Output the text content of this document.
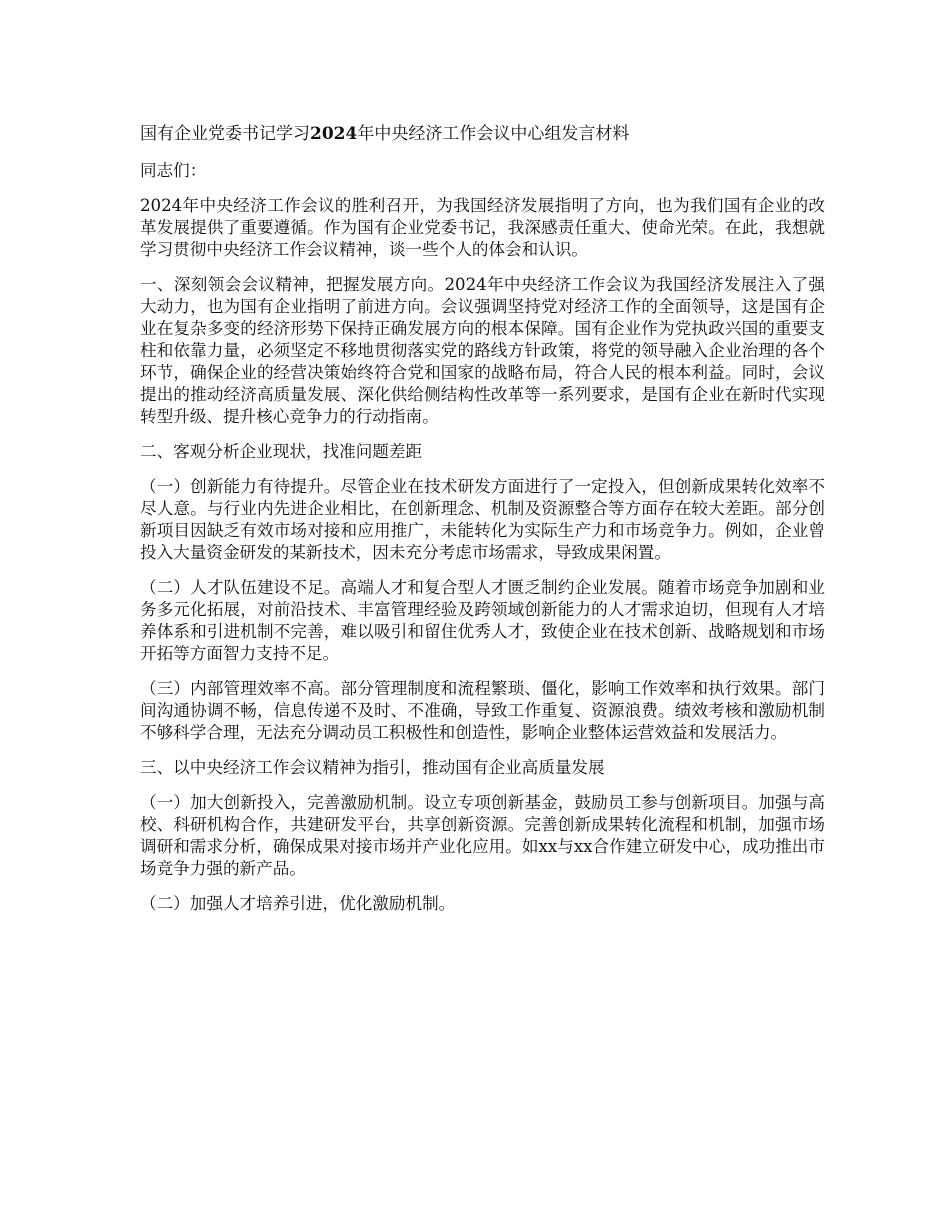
国有企业党委书记学习2024年中央经济工作会议中心组发言材料

同志们：

2024年中央经济工作会议的胜利召开，为我国经济发展指明了方向，也为我们国有企业的改革发展提供了重要遵循。作为国有企业党委书记，我深感责任重大、使命光荣。在此，我想就学习贯彻中央经济工作会议精神，谈一些个人的体会和认识。

一、深刻领会会议精神，把握发展方向。2024年中央经济工作会议为我国经济发展注入了强大动力，也为国有企业指明了前进方向。会议强调坚持党对经济工作的全面领导，这是国有企业在复杂多变的经济形势下保持正确发展方向的根本保障。国有企业作为党执政兴国的重要支柱和依靠力量，必须坚定不移地贯彻落实党的路线方针政策，将党的领导融入企业治理的各个环节，确保企业的经营决策始终符合党和国家的战略布局，符合人民的根本利益。同时，会议提出的推动经济高质量发展、深化供给侧结构性改革等一系列要求，是国有企业在新时代实现转型升级、提升核心竞争力的行动指南。

二、客观分析企业现状，找准问题差距

（一）创新能力有待提升。尽管企业在技术研发方面进行了一定投入，但创新成果转化效率不尽人意。与行业内先进企业相比，在创新理念、机制及资源整合等方面存在较大差距。部分创新项目因缺乏有效市场对接和应用推广，未能转化为实际生产力和市场竞争力。例如，企业曾投入大量资金研发的某新技术，因未充分考虑市场需求，导致成果闲置。

（二）人才队伍建设不足。高端人才和复合型人才匮乏制约企业发展。随着市场竞争加剧和业务多元化拓展，对前沿技术、丰富管理经验及跨领域创新能力的人才需求迫切，但现有人才培养体系和引进机制不完善，难以吸引和留住优秀人才，致使企业在技术创新、战略规划和市场开拓等方面智力支持不足。

（三）内部管理效率不高。部分管理制度和流程繁琐、僵化，影响工作效率和执行效果。部门间沟通协调不畅，信息传递不及时、不准确，导致工作重复、资源浪费。绩效考核和激励机制不够科学合理，无法充分调动员工积极性和创造性，影响企业整体运营效益和发展活力。

三、以中央经济工作会议精神为指引，推动国有企业高质量发展

（一）加大创新投入，完善激励机制。设立专项创新基金，鼓励员工参与创新项目。加强与高校、科研机构合作，共建研发平台，共享创新资源。完善创新成果转化流程和机制，加强市场调研和需求分析，确保成果对接市场并产业化应用。如xx与xx合作建立研发中心，成功推出市场竞争力强的新产品。

（二）加强人才培养引进，优化激励机制。
